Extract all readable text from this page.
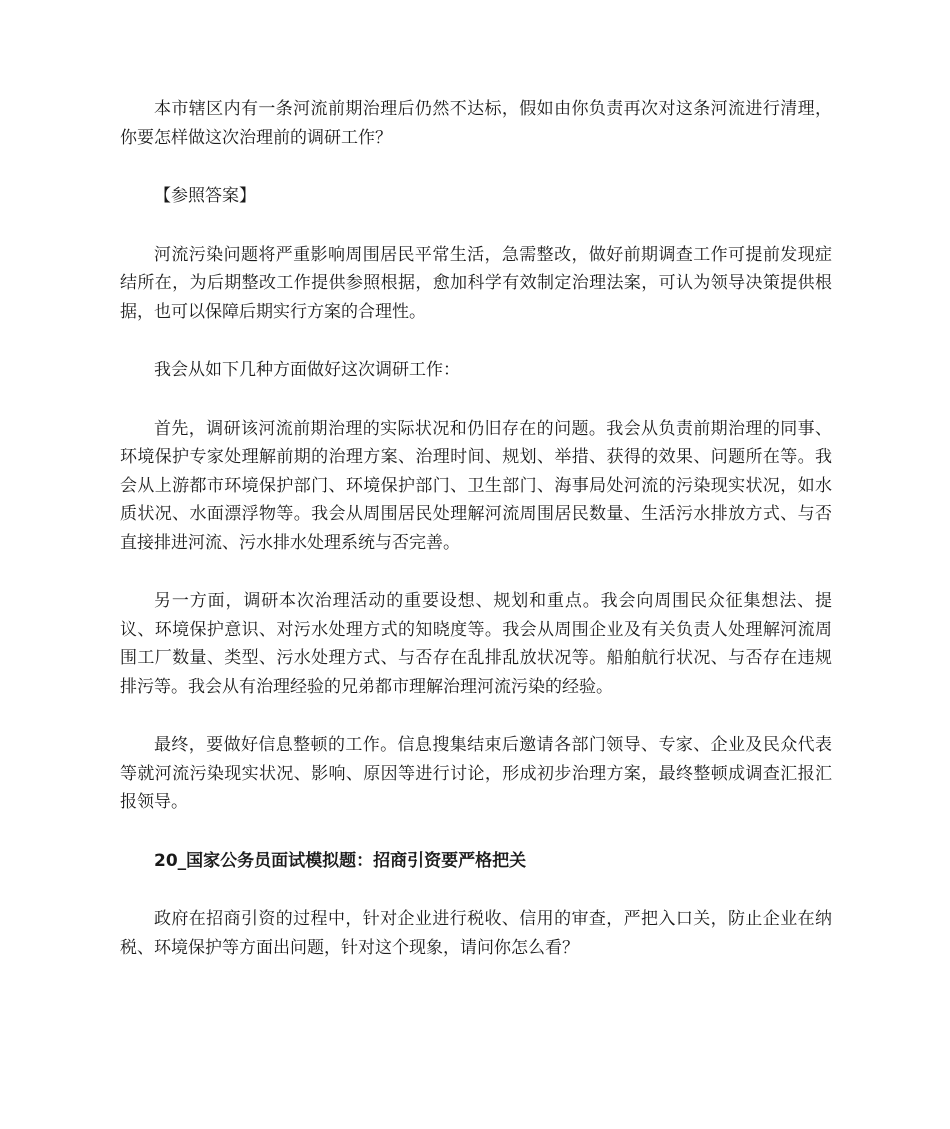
本市辖区内有一条河流前期治理后仍然不达标，假如由你负责再次对这条河流进行清理，你要怎样做这次治理前的调研工作？

【参照答案】

河流污染问题将严重影响周围居民平常生活，急需整改，做好前期调查工作可提前发现症结所在，为后期整改工作提供参照根据，愈加科学有效制定治理法案，可认为领导决策提供根据，也可以保障后期实行方案的合理性。

我会从如下几种方面做好这次调研工作：

首先，调研该河流前期治理的实际状况和仍旧存在的问题。我会从负责前期治理的同事、环境保护专家处理解前期的治理方案、治理时间、规划、举措、获得的效果、问题所在等。我会从上游都市环境保护部门、环境保护部门、卫生部门、海事局处河流的污染现实状况，如水质状况、水面漂浮物等。我会从周围居民处理解河流周围居民数量、生活污水排放方式、与否直接排进河流、污水排水处理系统与否完善。

另一方面，调研本次治理活动的重要设想、规划和重点。我会向周围民众征集想法、提议、环境保护意识、对污水处理方式的知晓度等。我会从周围企业及有关负责人处理解河流周围工厂数量、类型、污水处理方式、与否存在乱排乱放状况等。船舶航行状况、与否存在违规排污等。我会从有治理经验的兄弟都市理解治理河流污染的经验。

最终，要做好信息整顿的工作。信息搜集结束后邀请各部门领导、专家、企业及民众代表等就河流污染现实状况、影响、原因等进行讨论，形成初步治理方案，最终整顿成调查汇报汇报领导。

20_国家公务员面试模拟题：招商引资要严格把关

政府在招商引资的过程中，针对企业进行税收、信用的审查，严把入口关，防止企业在纳税、环境保护等方面出问题，针对这个现象，请问你怎么看？
